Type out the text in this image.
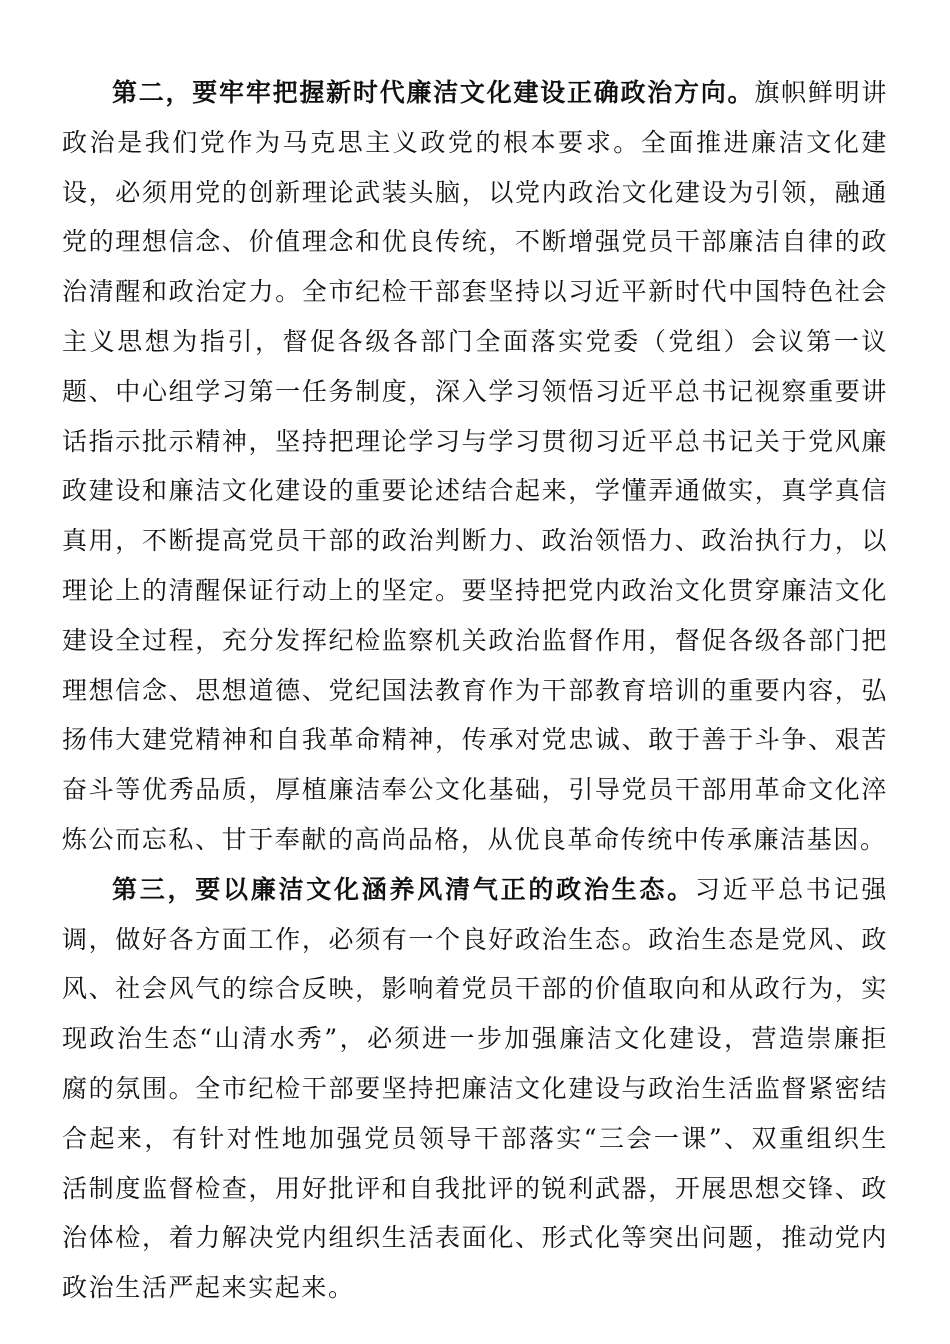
第二，要牢牢把握新时代廉洁文化建设正确政治方向。旗帜鲜明讲政治是我们党作为马克思主义政党的根本要求。全面推进廉洁文化建设，必须用党的创新理论武装头脑，以党内政治文化建设为引领，融通党的理想信念、价值理念和优良传统，不断增强党员干部廉洁自律的政治清醒和政治定力。全市纪检干部套坚持以习近平新时代中国特色社会主义思想为指引，督促各级各部门全面落实党委（党组）会议第一议题、中心组学习第一任务制度，深入学习领悟习近平总书记视察重要讲话指示批示精神，坚持把理论学习与学习贯彻习近平总书记关于党风廉政建设和廉洁文化建设的重要论述结合起来，学懂弄通做实，真学真信真用，不断提高党员干部的政治判断力、政治领悟力、政治执行力，以理论上的清醒保证行动上的坚定。要坚持把党内政治文化贯穿廉洁文化建设全过程，充分发挥纪检监察机关政治监督作用，督促各级各部门把理想信念、思想道德、党纪国法教育作为干部教育培训的重要内容，弘扬伟大建党精神和自我革命精神，传承对党忠诚、敢于善于斗争、艰苦奋斗等优秀品质，厚植廉洁奉公文化基础，引导党员干部用革命文化淬炼公而忘私、甘于奉献的高尚品格，从优良革命传统中传承廉洁基因。

第三，要以廉洁文化涵养风清气正的政治生态。习近平总书记强调，做好各方面工作，必须有一个良好政治生态。政治生态是党风、政风、社会风气的综合反映，影响着党员干部的价值取向和从政行为，实现政治生态“山清水秀”，必须进一步加强廉洁文化建设，营造崇廉拒腐的氛围。全市纪检干部要坚持把廉洁文化建设与政治生活监督紧密结合起来，有针对性地加强党员领导干部落实“三会一课”、双重组织生活制度监督检查，用好批评和自我批评的锐利武器，开展思想交锋、政治体检，着力解决党内组织生活表面化、形式化等突出问题，推动党内政治生活严起来实起来。
